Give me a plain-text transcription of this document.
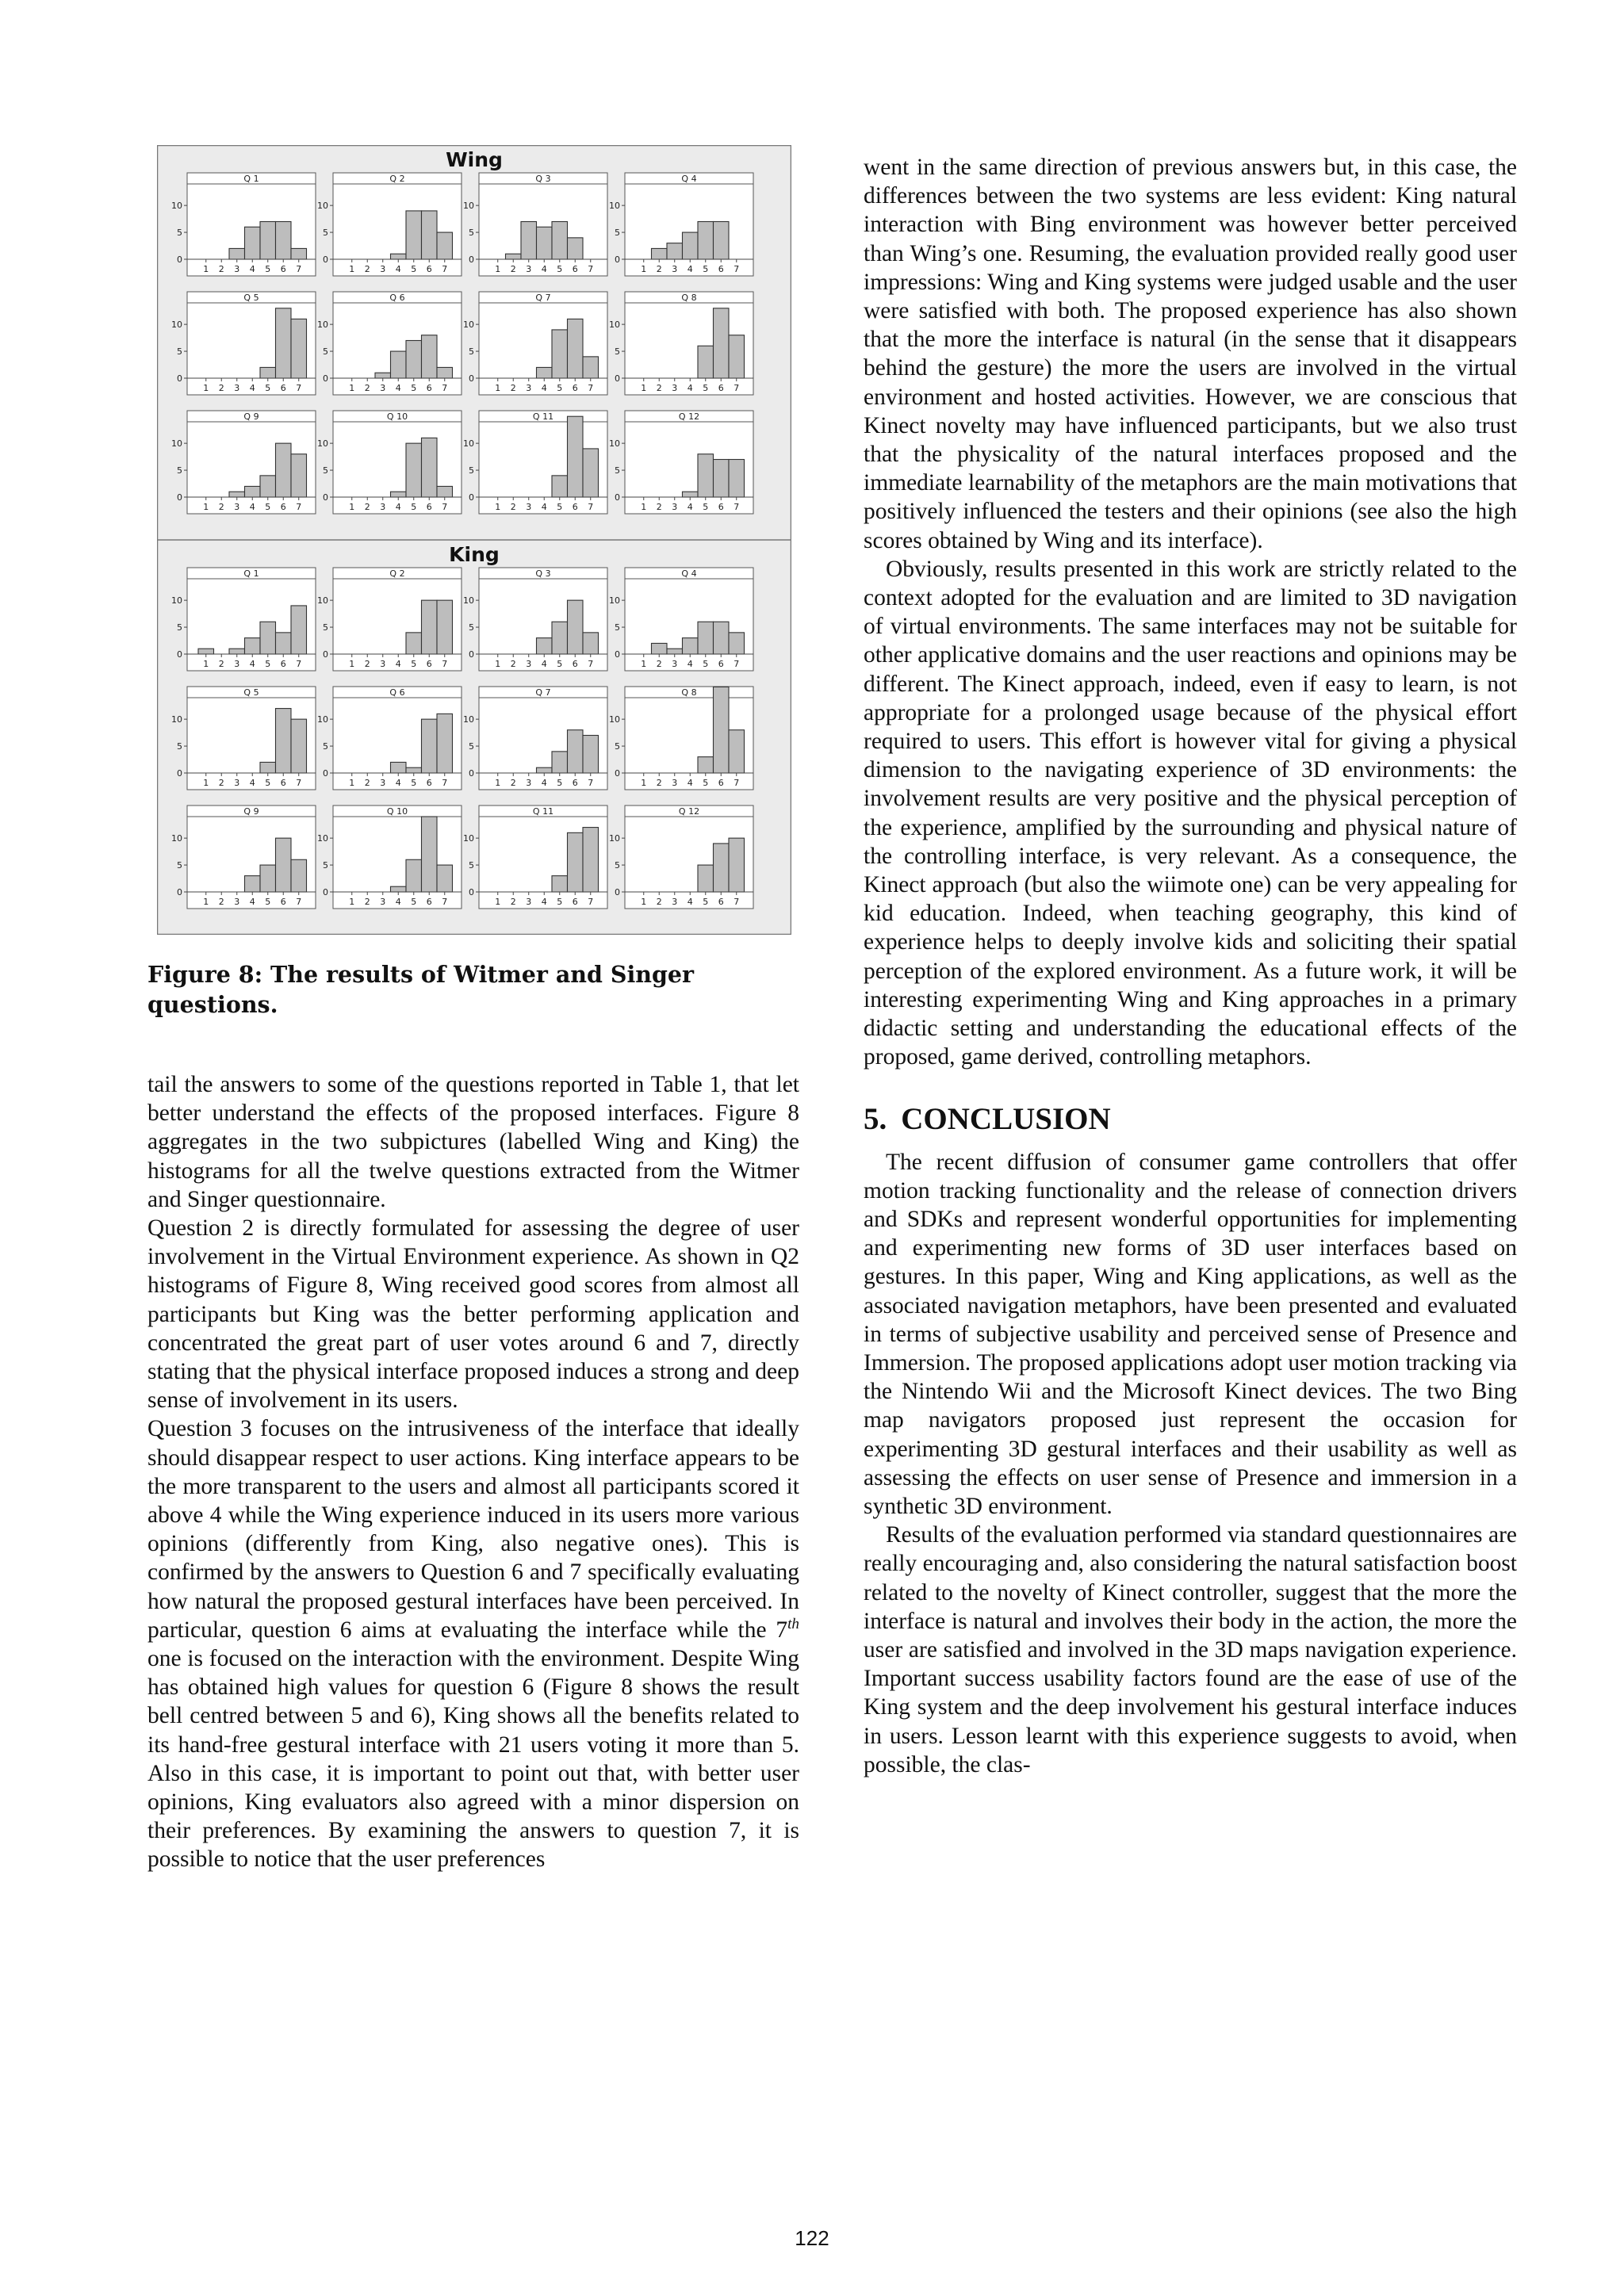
Wing
Q 1
0
5
10
1 2 3 4 5 6 7
Q 2
0
5
10
1 2 3 4 5 6 7
Q 3
0
5
10
1 2 3 4 5 6 7
Q 4
0
5
10
1 2 3 4 5 6 7
Q 5
0
5
10
1 2 3 4 5 6 7
Q 6
0
5
10
1 2 3 4 5 6 7
Q 7
0
5
10
1 2 3 4 5 6 7
Q 8
0
5
10
1 2 3 4 5 6 7
Q 9
0
5
10
1 2 3 4 5 6 7
Q 10
0
5
10
1 2 3 4 5 6 7
Q 11
0
5
10
1 2 3 4 5 6 7
Q 12
0
5
10
1 2 3 4 5 6 7
King
Q 1
0
5
10
1 2 3 4 5 6 7
Q 2
0
5
10
1 2 3 4 5 6 7
Q 3
0
5
10
1 2 3 4 5 6 7
Q 4
0
5
10
1 2 3 4 5 6 7
Q 5
0
5
10
1 2 3 4 5 6 7
Q 6
0
5
10
1 2 3 4 5 6 7
Q 7
0
5
10
1 2 3 4 5 6 7
Q 8
0
5
10
1 2 3 4 5 6 7
Q 9
0
5
10
1 2 3 4 5 6 7
Q 10
0
5
10
1 2 3 4 5 6 7
Q 11
0
5
10
1 2 3 4 5 6 7
Q 12
0
5
10
1 2 3 4 5 6 7
Figure 8: The results of Witmer and Singer questions.

tail the answers to some of the questions reported in Table 1, that let better understand the effects of the proposed interfaces. Figure 8 aggregates in the two subpictures (labelled Wing and King) the histograms for all the twelve questions extracted from the Witmer and Singer questionnaire.

Question 2 is directly formulated for assessing the degree of user involvement in the Virtual Environment experience. As shown in Q2 histograms of Figure 8, Wing received good scores from almost all participants but King was the better performing application and concentrated the great part of user votes around 6 and 7, directly stating that the physical interface proposed induces a strong and deep sense of involvement in its users.

Question 3 focuses on the intrusiveness of the interface that ideally should disappear respect to user actions. King interface appears to be the more transparent to the users and almost all participants scored it above 4 while the Wing experience induced in its users more various opinions (differently from King, also negative ones). This is confirmed by the answers to Question 6 and 7 specifically evaluating how natural the proposed gestural interfaces have been perceived. In particular, question 6 aims at evaluating the interface while the 7th one is focused on the interaction with the environment. Despite Wing has obtained high values for question 6 (Figure 8 shows the result bell centred between 5 and 6), King shows all the benefits related to its hand-free gestural interface with 21 users voting it more than 5. Also in this case, it is important to point out that, with better user opinions, King evaluators also agreed with a minor dispersion on their preferences. By examining the answers to question 7, it is possible to notice that the user preferences

went in the same direction of previous answers but, in this case, the differences between the two systems are less evident: King natural interaction with Bing environment was however better perceived than Wing’s one. Resuming, the evaluation provided really good user impressions: Wing and King systems were judged usable and the user were satisfied with both. The proposed experience has also shown that the more the interface is natural (in the sense that it disappears behind the gesture) the more the users are involved in the virtual environment and hosted activities. However, we are conscious that Kinect novelty may have influenced participants, but we also trust that the physicality of the natural interfaces proposed and the immediate learnability of the metaphors are the main motivations that positively influenced the testers and their opinions (see also the high scores obtained by Wing and its interface).

Obviously, results presented in this work are strictly related to the context adopted for the evaluation and are limited to 3D navigation of virtual environments. The same interfaces may not be suitable for other applicative domains and the user reactions and opinions may be different. The Kinect approach, indeed, even if easy to learn, is not appropriate for a prolonged usage because of the physical effort required to users. This effort is however vital for giving a physical dimension to the navigating experience of 3D environments: the involvement results are very positive and the physical perception of the experience, amplified by the surrounding and physical nature of the controlling interface, is very relevant. As a consequence, the Kinect approach (but also the wiimote one) can be very appealing for kid education. Indeed, when teaching geography, this kind of experience helps to deeply involve kids and soliciting their spatial perception of the explored environment. As a future work, it will be interesting experimenting Wing and King approaches in a primary didactic setting and understanding the educational effects of the proposed, game derived, controlling metaphors.

5. CONCLUSION

The recent diffusion of consumer game controllers that offer motion tracking functionality and the release of connection drivers and SDKs and represent wonderful opportunities for implementing and experimenting new forms of 3D user interfaces based on gestures. In this paper, Wing and King applications, as well as the associated navigation metaphors, have been presented and evaluated in terms of subjective usability and perceived sense of Presence and Immersion. The proposed applications adopt user motion tracking via the Nintendo Wii and the Microsoft Kinect devices. The two Bing map navigators proposed just represent the occasion for experimenting 3D gestural interfaces and their usability as well as assessing the effects on user sense of Presence and immersion in a synthetic 3D environment.

Results of the evaluation performed via standard questionnaires are really encouraging and, also considering the natural satisfaction boost related to the novelty of Kinect controller, suggest that the more the interface is natural and involves their body in the action, the more the user are satisfied and involved in the 3D maps navigation experience. Important success usability factors found are the ease of use of the King system and the deep involvement his gestural interface induces in users. Lesson learnt with this experience suggests to avoid, when possible, the clas-

122
